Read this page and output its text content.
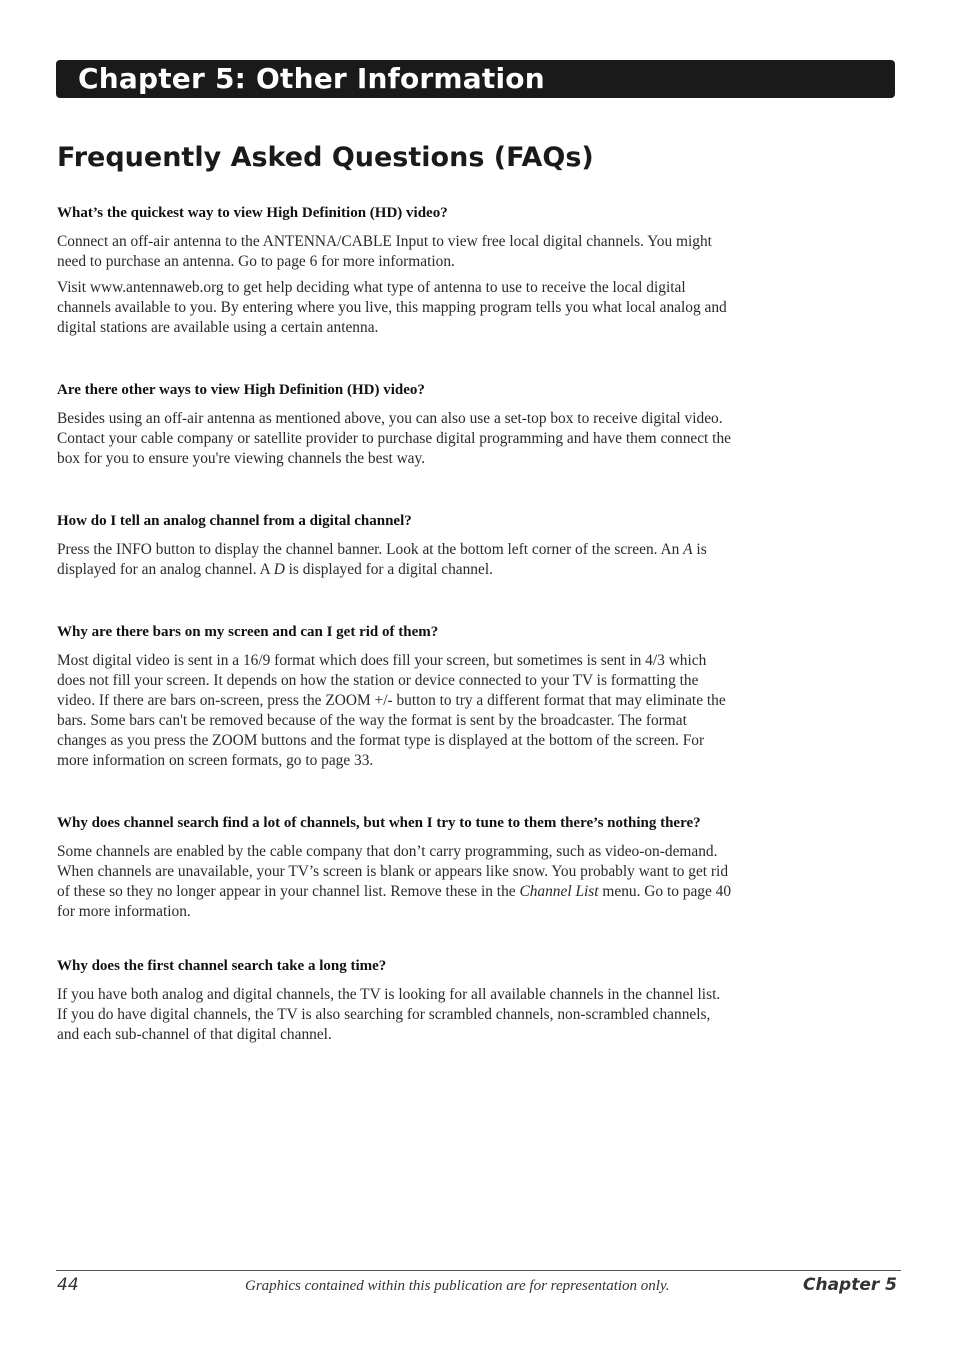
Chapter 5: Other Information
Frequently Asked Questions (FAQs)

What’s the quickest way to view High Definition (HD) video?

Connect an off-air antenna to the ANTENNA/CABLE Input to view free local digital channels. You might need to purchase an antenna. Go to page 6 for more information.

Visit www.antennaweb.org to get help deciding what type of antenna to use to receive the local digital channels available to you. By entering where you live, this mapping program tells you what local analog and digital stations are available using a certain antenna.

Are there other ways to view High Definition (HD) video?

Besides using an off-air antenna as mentioned above, you can also use a set-top box to receive digital video. Contact your cable company or satellite provider to purchase digital programming and have them connect the box for you to ensure you're viewing channels the best way.

How do I tell an analog channel from a digital channel?

Press the INFO button to display the channel banner. Look at the bottom left corner of the screen. An A is displayed for an analog channel. A D is displayed for a digital channel.

Why are there bars on my screen and can I get rid of them?

Most digital video is sent in a 16/9 format which does fill your screen, but sometimes is sent in 4/3 which does not fill your screen. It depends on how the station or device connected to your TV is formatting the video. If there are bars on-screen, press the ZOOM +/- button to try a different format that may eliminate the bars. Some bars can't be removed because of the way the format is sent by the broadcaster. The format changes as you press the ZOOM buttons and the format type is displayed at the bottom of the screen. For more information on screen formats, go to page 33.

Why does channel search find a lot of channels, but when I try to tune to them there’s nothing there?

Some channels are enabled by the cable company that don’t carry programming, such as video-on-demand. When channels are unavailable, your TV’s screen is blank or appears like snow. You probably want to get rid of these so they no longer appear in your channel list. Remove these in the Channel List menu. Go to page 40 for more information.

Why does the first channel search take a long time?

If you have both analog and digital channels, the TV is looking for all available channels in the channel list. If you do have digital channels, the TV is also searching for scrambled channels, non-scrambled channels, and each sub-channel of that digital channel.

44	Graphics contained within this publication are for representation only.	Chapter 5
